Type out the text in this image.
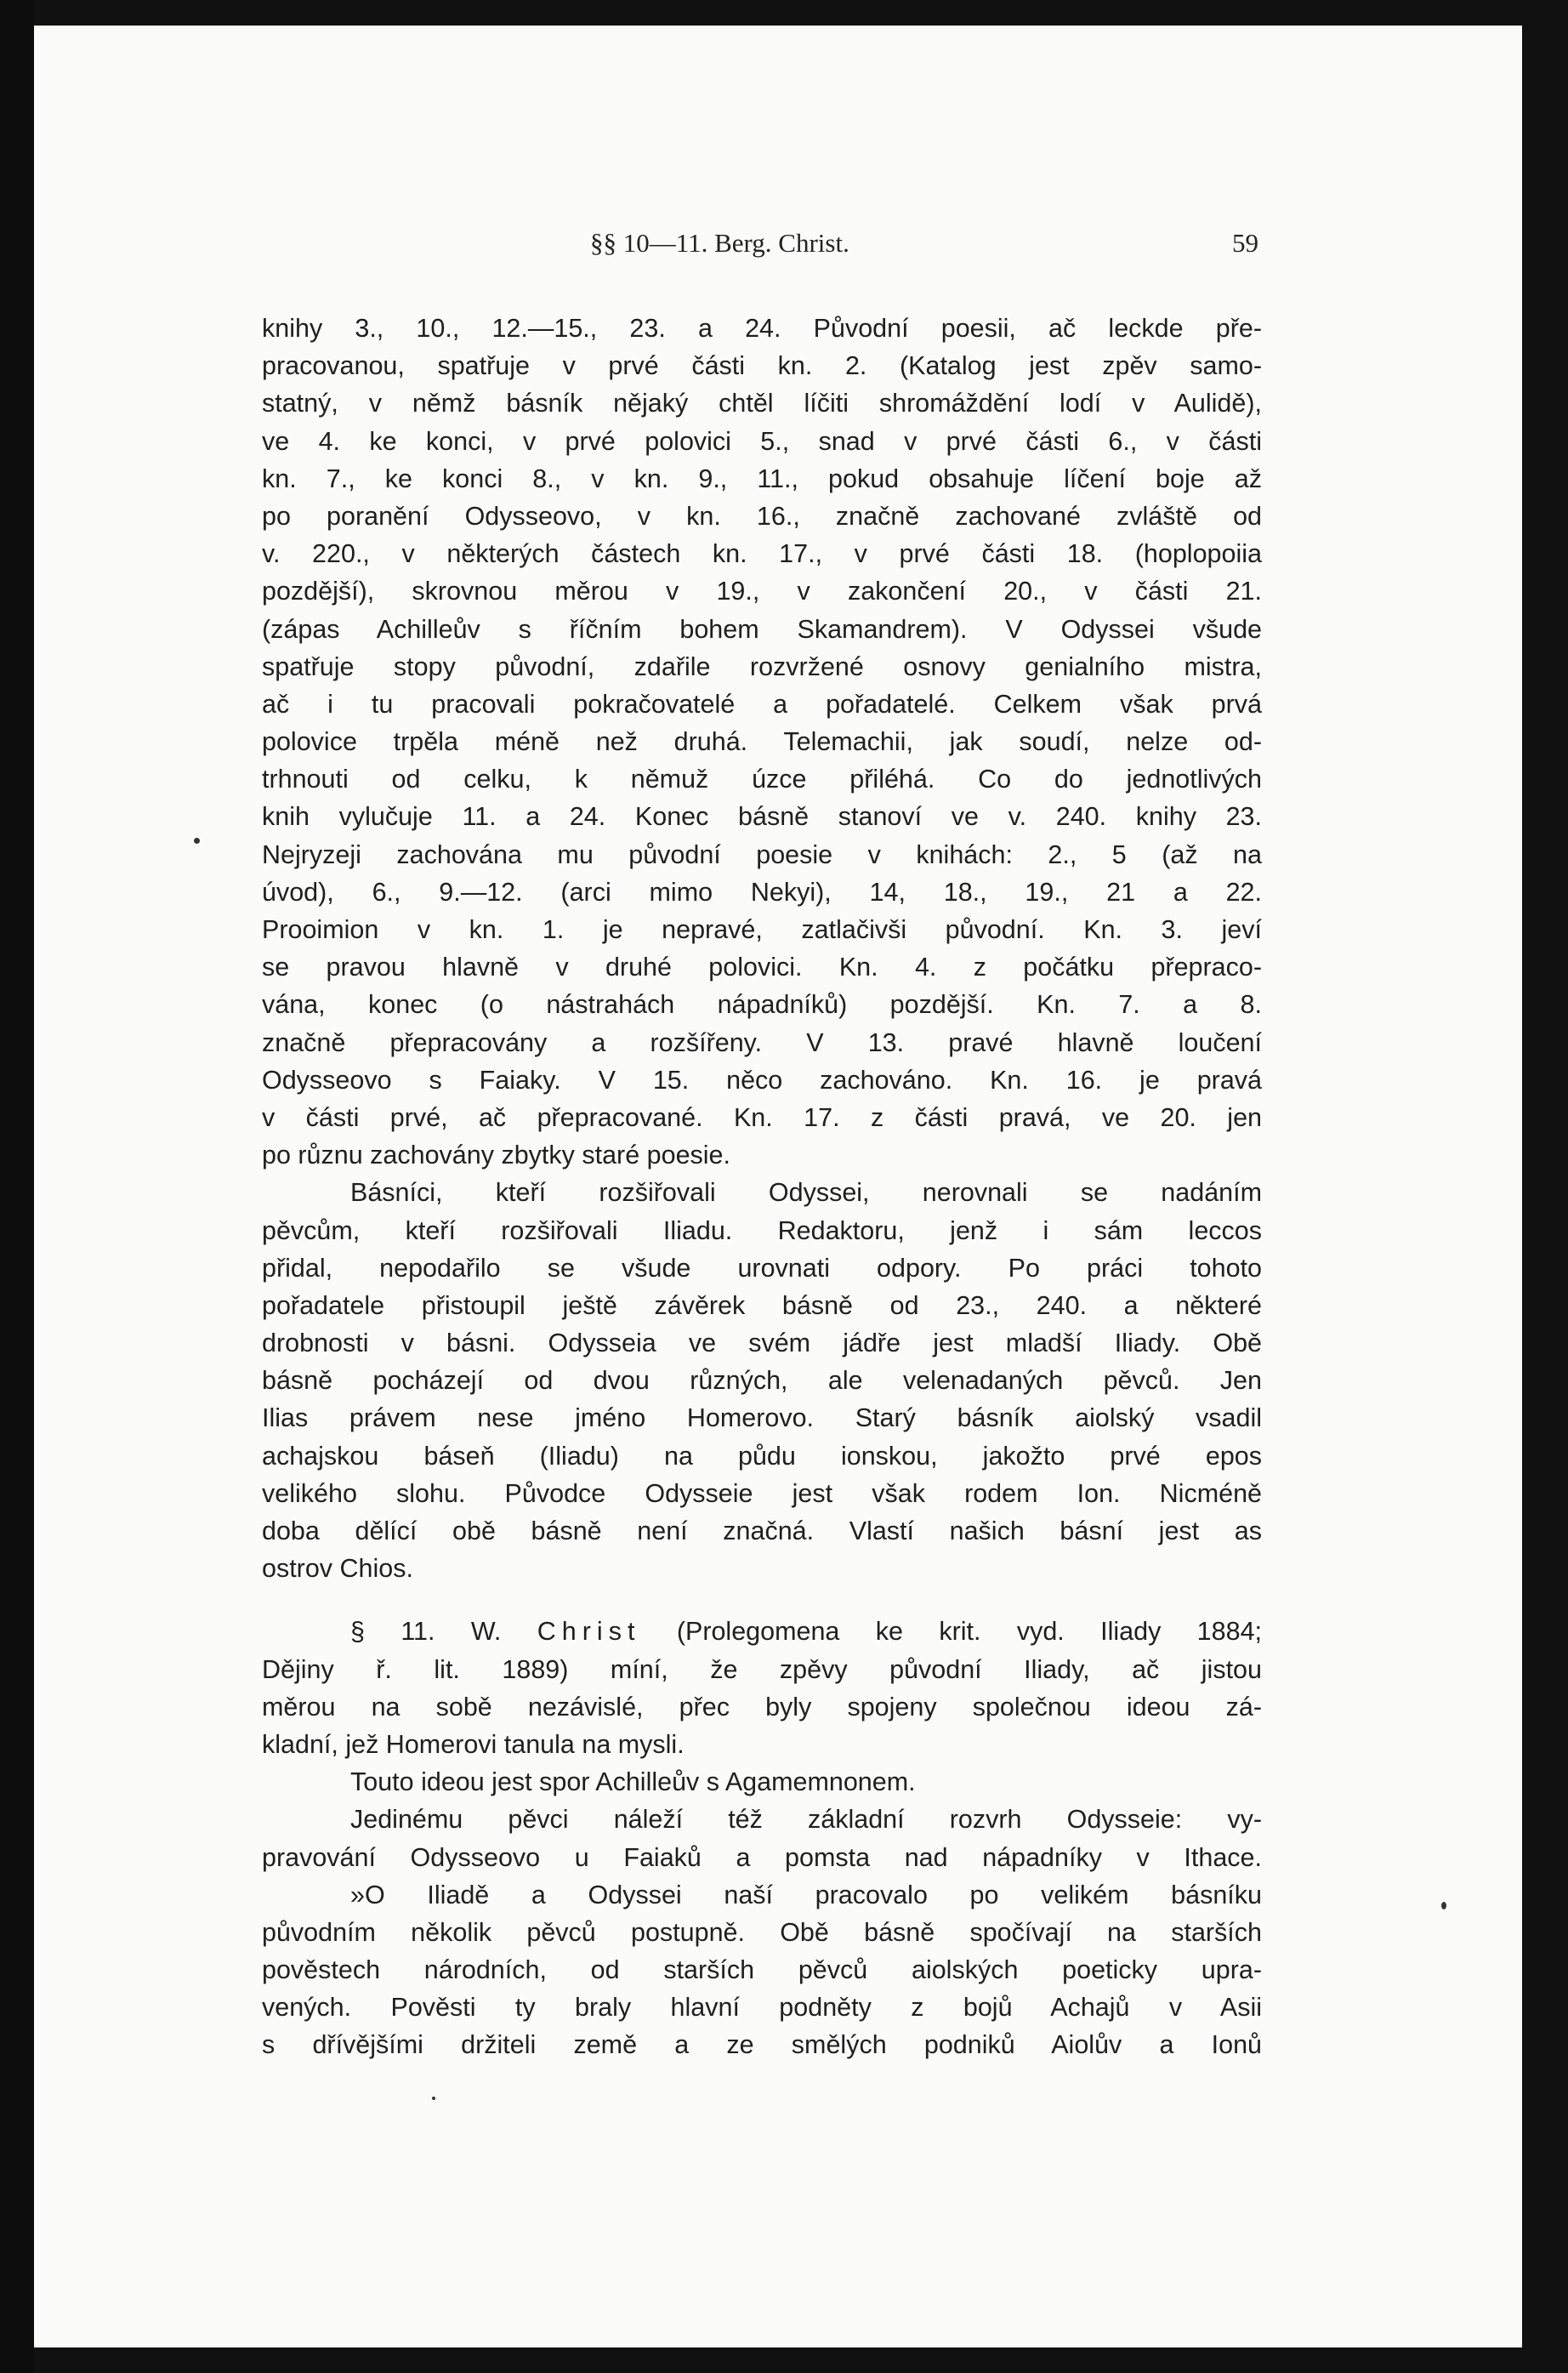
§§ 10—11. Berg. Christ.	59
knihy 3., 10., 12.—15., 23. a 24. Původní poesii, ač leckde pře-
pracovanou, spatřuje v prvé části kn. 2. (Katalog jest zpěv samo-
statný, v němž básník nějaký chtěl líčiti shromáždění lodí v Aulidě),
ve 4. ke konci, v prvé polovici 5., snad v prvé části 6., v části
kn. 7., ke konci 8., v kn. 9., 11., pokud obsahuje líčení boje až
po poranění Odysseovo, v kn. 16., značně zachované zvláště od
v. 220., v některých částech kn. 17., v prvé části 18. (hoplopoiia
pozdější), skrovnou měrou v 19., v zakončení 20., v části 21.
(zápas Achilleův s říčním bohem Skamandrem). V Odyssei všude
spatřuje stopy původní, zdařile rozvržené osnovy genialního mistra,
ač i tu pracovali pokračovatelé a pořadatelé. Celkem však prvá
polovice trpěla méně než druhá. Telemachii, jak soudí, nelze od-
trhnouti od celku, k němuž úzce přiléhá. Co do jednotlivých
knih vylučuje 11. a 24. Konec básně stanoví ve v. 240. knihy 23.
Nejryzeji zachována mu původní poesie v knihách: 2., 5 (až na
úvod), 6., 9.—12. (arci mimo Nekyi), 14, 18., 19., 21 a 22.
Prooimion v kn. 1. je nepravé, zatlačivši původní. Kn. 3. jeví
se pravou hlavně v druhé polovici. Kn. 4. z počátku přepraco-
vána, konec (o nástrahách nápadníků) pozdější. Kn. 7. a 8.
značně přepracovány a rozšířeny. V 13. pravé hlavně loučení
Odysseovo s Faiaky. V 15. něco zachováno. Kn. 16. je pravá
v části prvé, ač přepracované. Kn. 17. z části pravá, ve 20. jen
po různu zachovány zbytky staré poesie.
Básníci, kteří rozšiřovali Odyssei, nerovnali se nadáním
pěvcům, kteří rozšiřovali Iliadu. Redaktoru, jenž i sám leccos
přidal, nepodařilo se všude urovnati odpory. Po práci tohoto
pořadatele přistoupil ještě závěrek básně od 23., 240. a některé
drobnosti v básni. Odysseia ve svém jádře jest mladší Iliady. Obě
básně pocházejí od dvou různých, ale velenadaných pěvců. Jen
Ilias právem nese jméno Homerovo. Starý básník aiolský vsadil
achajskou báseň (Iliadu) na půdu ionskou, jakožto prvé epos
velikého slohu. Původce Odysseie jest však rodem Ion. Nicméně
doba dělící obě básně není značná. Vlastí našich básní jest as
ostrov Chios.
§ 11. W. Christ (Prolegomena ke krit. vyd. Iliady 1884;
Dějiny ř. lit. 1889) míní, že zpěvy původní Iliady, ač jistou
měrou na sobě nezávislé, přec byly spojeny společnou ideou zá-
kladní, jež Homerovi tanula na mysli.
Touto ideou jest spor Achilleův s Agamemnonem.
Jedinému pěvci náleží též základní rozvrh Odysseie: vy-
pravování Odysseovo u Faiaků a pomsta nad nápadníky v Ithace.
»O Iliadě a Odyssei naší pracovalo po velikém básníku
původním několik pěvců postupně. Obě básně spočívají na starších
pověstech národních, od starších pěvců aiolských poeticky upra-
vených. Pověsti ty braly hlavní podněty z bojů Achajů v Asii
s dřívějšími držiteli země a ze smělých podniků Aiolův a Ionů
